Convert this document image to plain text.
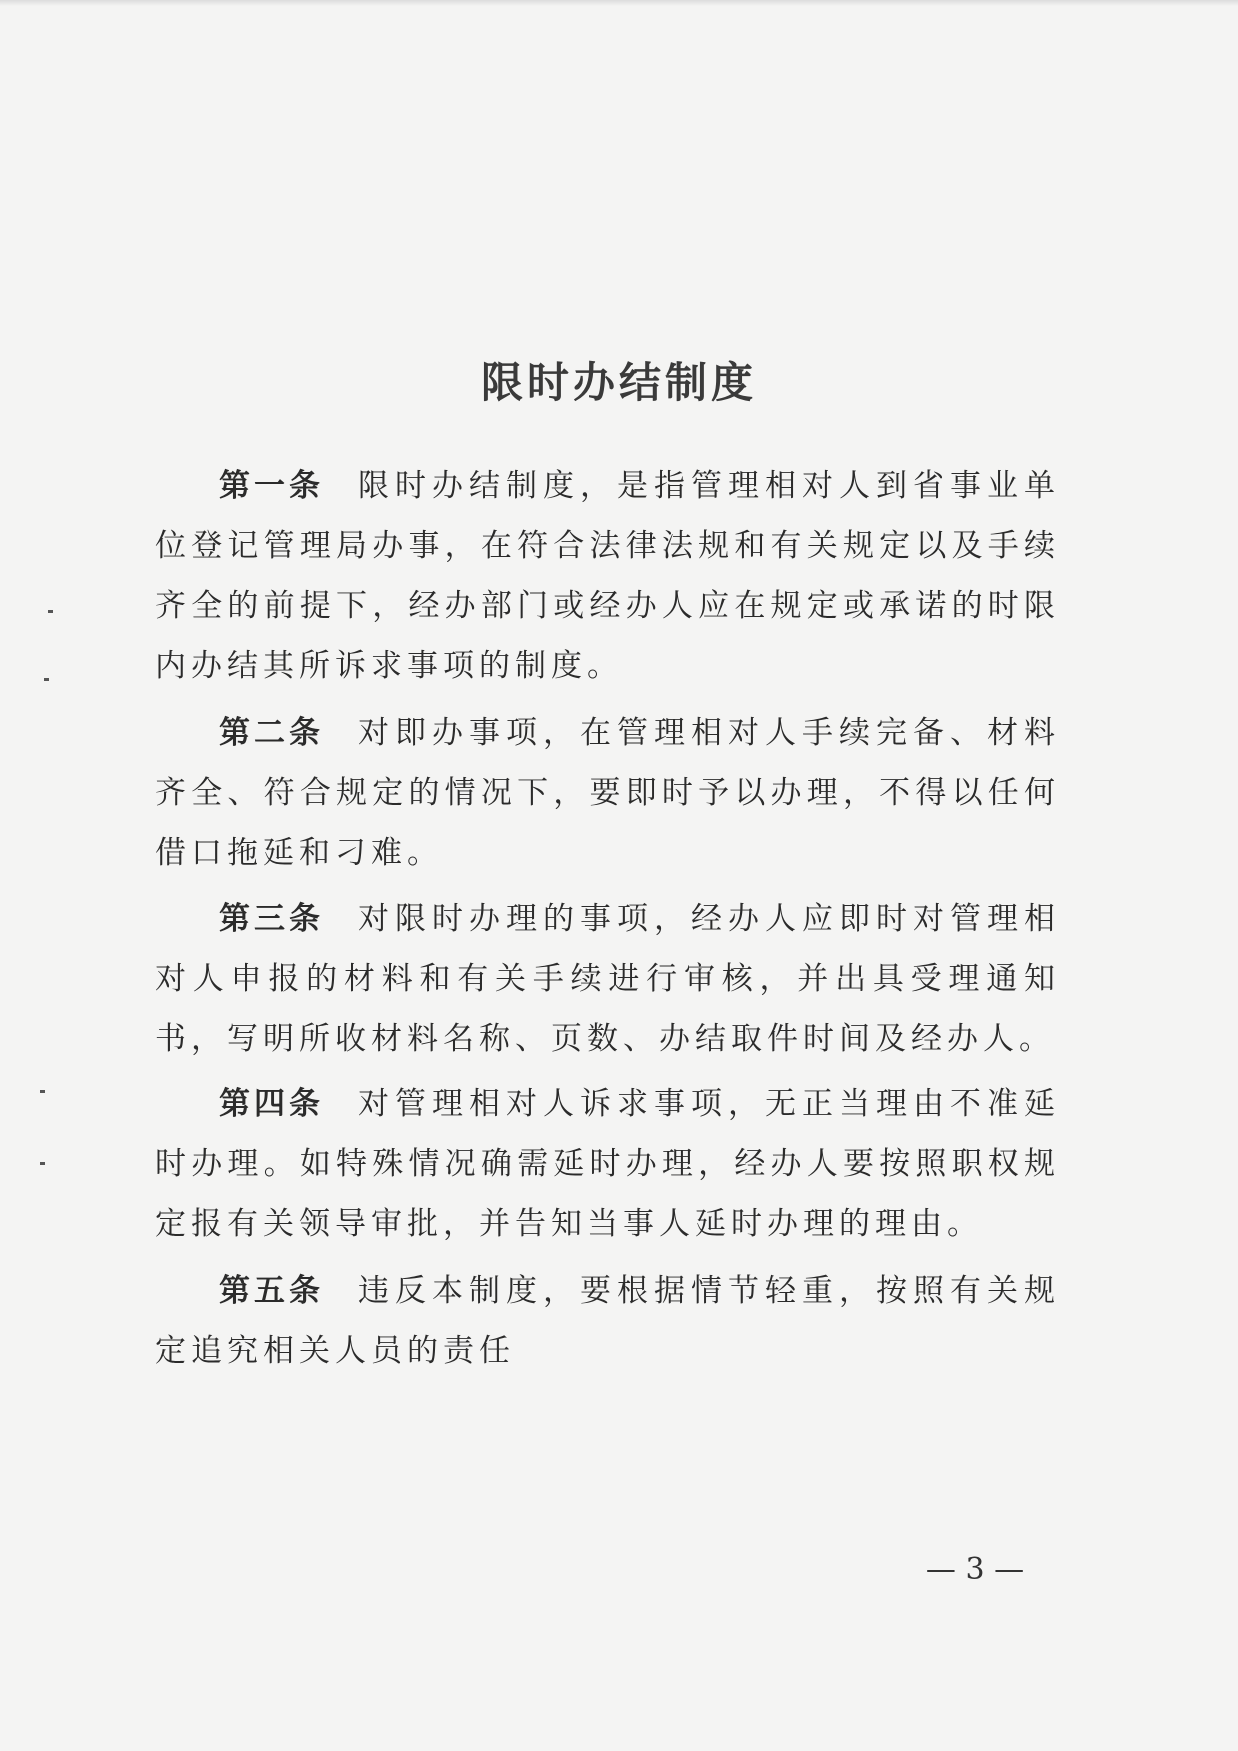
限时办结制度

第一条 限时办结制度，是指管理相对人到省事业单位登记管理局办事，在符合法律法规和有关规定以及手续齐全的前提下，经办部门或经办人应在规定或承诺的时限内办结其所诉求事项的制度。

第二条 对即办事项，在管理相对人手续完备、材料齐全、符合规定的情况下，要即时予以办理，不得以任何借口拖延和刁难。

第三条 对限时办理的事项，经办人应即时对管理相对人申报的材料和有关手续进行审核，并出具受理通知书，写明所收材料名称、页数、办结取件时间及经办人。

第四条 对管理相对人诉求事项，无正当理由不准延时办理。如特殊情况确需延时办理，经办人要按照职权规定报有关领导审批，并告知当事人延时办理的理由。

第五条 违反本制度，要根据情节轻重，按照有关规定追究相关人员的责任

— 3 —
